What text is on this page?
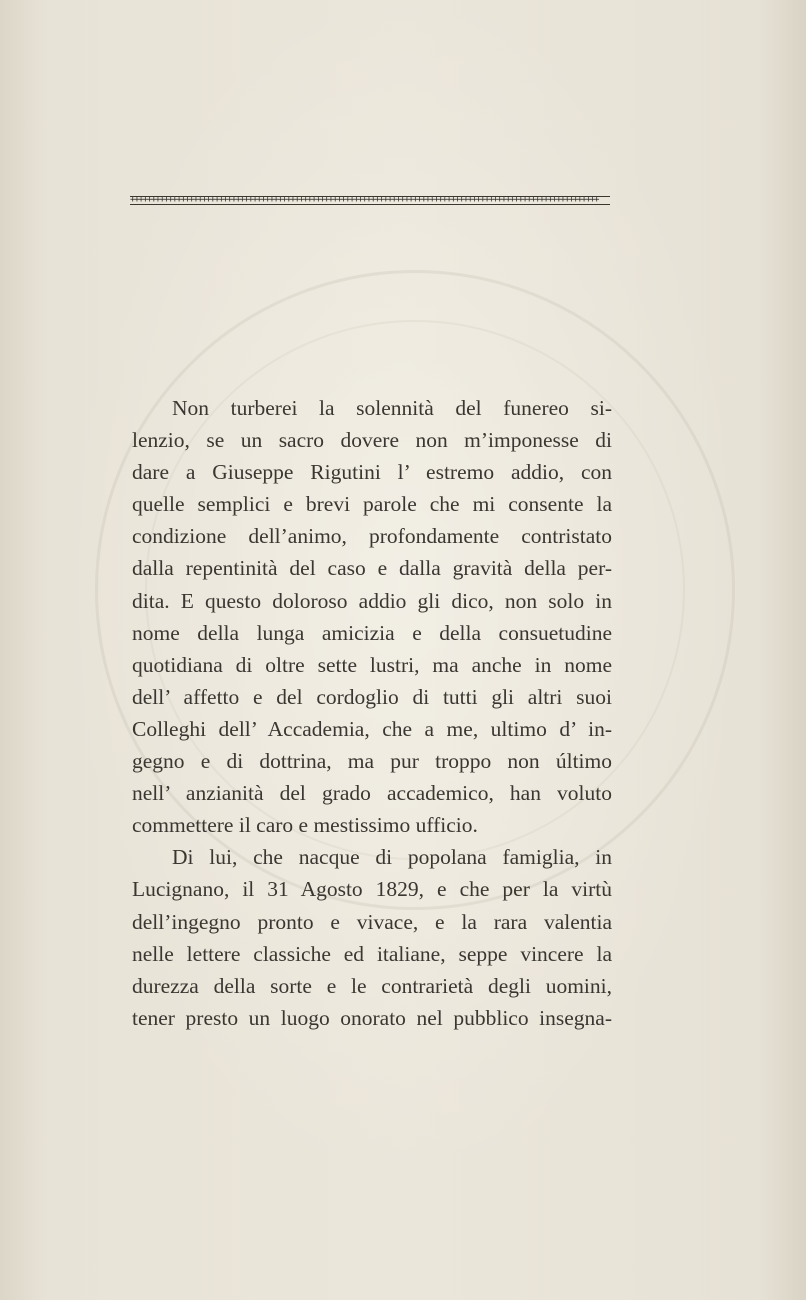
+++++++++++++++++++++++++++++++++++++++++++++++++++++++++++++++++++++++++++++++++++++++++++++++++++++++++++++++
Non turberei la solennità del funereo si-
lenzio, se un sacro dovere non m’imponesse di
dare a Giuseppe Rigutini l’ estremo addio, con
quelle semplici e brevi parole che mi consente la
condizione dell’animo, profondamente contristato
dalla repentinità del caso e dalla gravità della per-
dita. E questo doloroso addio gli dico, non solo in
nome della lunga amicizia e della consuetudine
quotidiana di oltre sette lustri, ma anche in nome
dell’ affetto e del cordoglio di tutti gli altri suoi
Colleghi dell’ Accademia, che a me, ultimo d’ in-
gegno e di dottrina, ma pur troppo non último
nell’ anzianità del grado accademico, han voluto
commettere il caro e mestissimo ufficio.
Di lui, che nacque di popolana famiglia, in
Lucignano, il 31 Agosto 1829, e che per la virtù
dell’ingegno pronto e vivace, e la rara valentia
nelle lettere classiche ed italiane, seppe vincere la
durezza della sorte e le contrarietà degli uomini,
tener presto un luogo onorato nel pubblico insegna-
